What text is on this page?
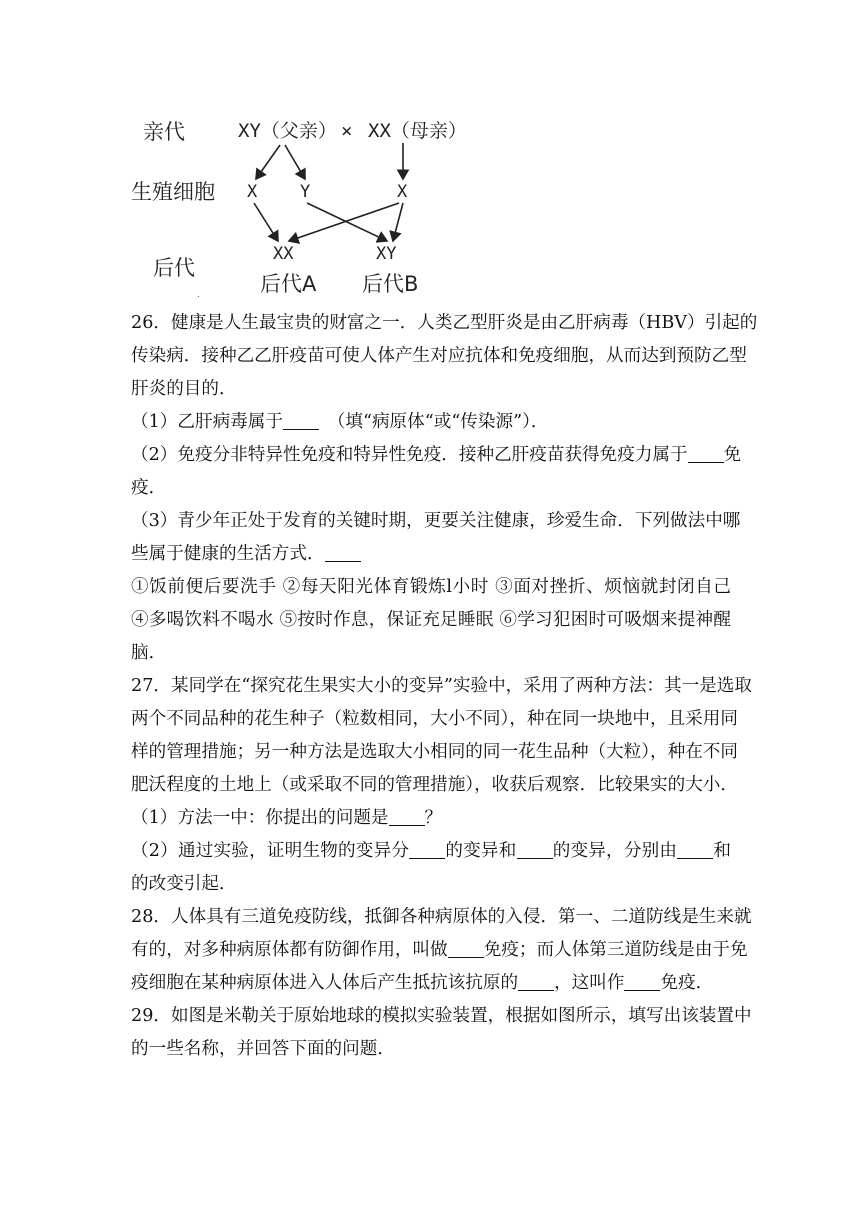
亲代
生殖细胞
后代
.
XY（父亲） × XX（母亲）
X	Y	X
XX	XY
后代A 后代B
26．健康是人生最宝贵的财富之一．人类乙型肝炎是由乙肝病毒（HBV）引起的
传染病．接种乙乙肝疫苗可使人体产生对应抗体和免疫细胞，从而达到预防乙型
肝炎的目的．
（1）乙肝病毒属于　	（填“病原体“或“传染源”）．
（2）免疫分非特异性免疫和特异性免疫．接种乙肝疫苗获得免疫力属于 免
疫．
（3）青少年正处于发育的关键时期，更要关注健康，珍爱生命．下列做法中哪
些属于健康的生活方式．
①饭前便后要洗手 ②每天阳光体育锻炼l小时 ③面对挫折、烦恼就封闭自己
④多喝饮料不喝水 ⑤按时作息，保证充足睡眠 ⑥学习犯困时可吸烟来提神醒
脑．
27．某同学在“探究花生果实大小的变异”实验中，采用了两种方法：其一是选取
两个不同品种的花生种子（粒数相同，大小不同），种在同一块地中，且采用同
样的管理措施；另一种方法是选取大小相同的同一花生品种（大粒），种在不同
肥沃程度的土地上（或采取不同的管理措施），收获后观察．比较果实的大小．
（1）方法一中：你提出的问题是 ？
（2）通过实验，证明生物的变异分 的变异和 的变异，分别由 和
的改变引起．
28．人体具有三道免疫防线，抵御各种病原体的入侵．第一、二道防线是生来就
有的，对多种病原体都有防御作用，叫做 免疫；而人体第三道防线是由于免
疫细胞在某种病原体进入人体后产生抵抗该抗原的 ，这叫作 免疫．
29．如图是米勒关于原始地球的模拟实验装置，根据如图所示，填写出该装置中
的一些名称，并回答下面的问题．
